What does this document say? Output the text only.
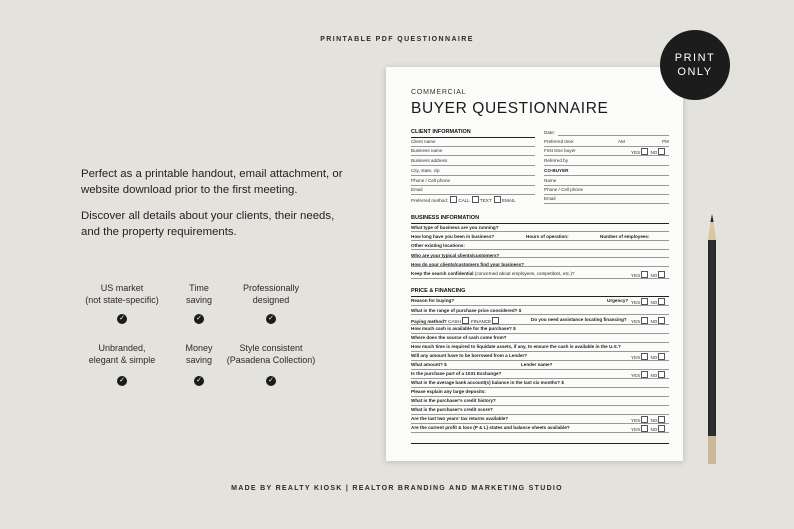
PRINTABLE PDF QUESTIONNAIRE
Perfect as a printable handout, email attachment, or website download prior to the first meeting.
Discover all details about your clients, their needs, and the property requirements.
US market
(not state-specific)
✓
Time
saving
✓
Professionally
designed
✓
Unbranded,
elegant & simple
✓
Money
saving
✓
Style consistent
(Pasadena Collection)
✓
COMMERCIAL
BUYER QUESTIONNAIRE
CLIENT INFORMATION	Date:
Client name
Business name
Business address
City, state, zip
Phone / Cell phone
Email
Preferred method: CALL TEXT EMAIL
Preferred time:	AM	PM
First time buyer	YES NO
Referred by
CO-BUYER
Name
Phone / Cell phone
Email
BUSINESS INFORMATION
What type of business are you running?
How long have you been in business?	Hours of operation:	Number of employees:
Other existing locations:
Who are your typical clients/customers?
How do your clients/customers find your business?
Keep the search confidential (concerned about employees, competitors, etc.)?	YES NO
PRICE & FINANCING
Reason for buying?	Urgency? YES NO
What is the range of purchase price considered? $
Paying method? CASH FINANCE	Do you need assistance locating financing? YES NO
How much cash is available for the purchase? $
Where does the source of cash come from?
How much time is required to liquidate assets, if any, to ensure the cash is available in the U.S.?
Will any amount have to be borrowed from a Lender?	YES NO
What amount? $	Lender name?
Is the purchase part of a 1031 Exchange?	YES NO
What is the average bank account(s) balance in the last six months? $
Please explain any large deposits:
What is the purchaser's credit history?
What is the purchaser's credit score?
Are the last two years' tax returns available?	YES NO
Are the current profit & loss (P & L) states and balance sheets available?	YES NO
PRINT
ONLY
MADE BY REALTY KIOSK | REALTOR BRANDING AND MARKETING STUDIO
